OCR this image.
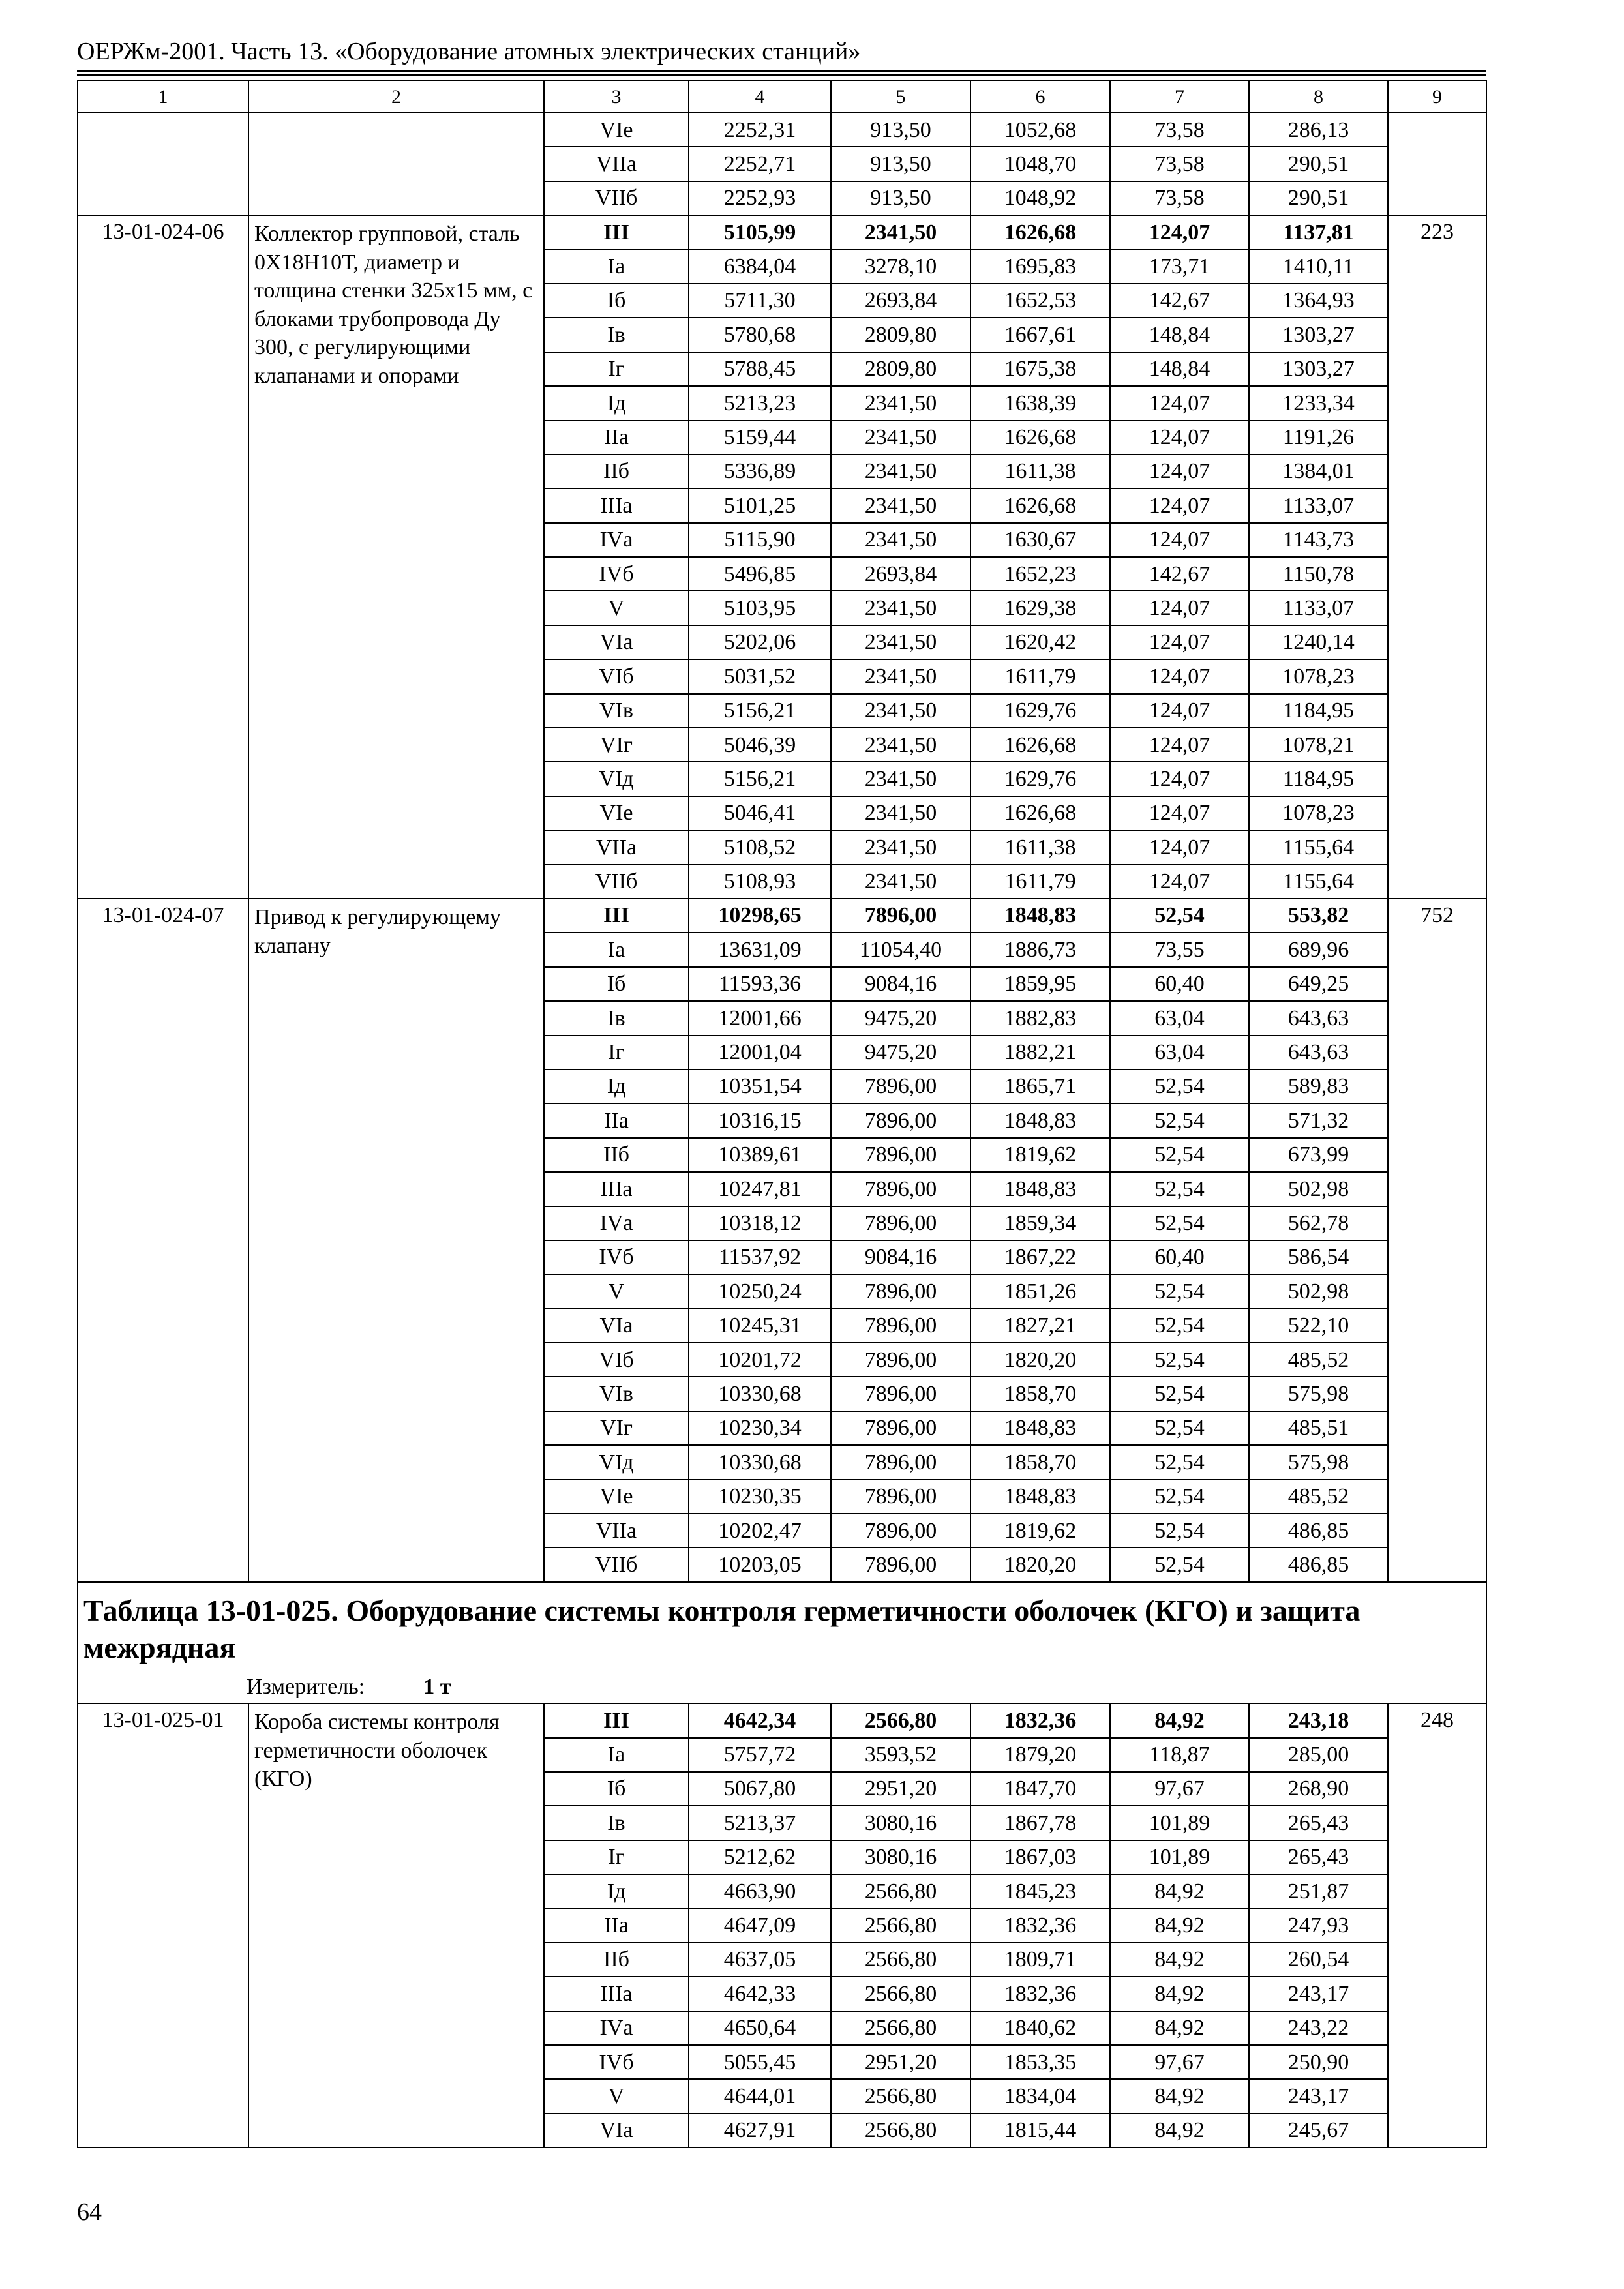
ОЕРЖм-2001. Часть 13. «Оборудование атомных электрических станций»
1	2	3	4	5	6	7	8	9
		VIе	2252,31	913,50	1052,68	73,58	286,13	
		VIIа	2252,71	913,50	1048,70	73,58	290,51	
		VIIб	2252,93	913,50	1048,92	73,58	290,51	
13-01-024-06	Коллектор групповой, сталь 0Х18Н10Т, диаметр и толщина стенки 325х15 мм, с блоками трубопровода Ду 300, с регулирующими клапанами и опорами	III	5105,99	2341,50	1626,68	124,07	1137,81	223
		Iа	6384,04	3278,10	1695,83	173,71	1410,11	
		Iб	5711,30	2693,84	1652,53	142,67	1364,93	
		Iв	5780,68	2809,80	1667,61	148,84	1303,27	
		Iг	5788,45	2809,80	1675,38	148,84	1303,27	
		Iд	5213,23	2341,50	1638,39	124,07	1233,34	
		IIа	5159,44	2341,50	1626,68	124,07	1191,26	
		IIб	5336,89	2341,50	1611,38	124,07	1384,01	
		IIIа	5101,25	2341,50	1626,68	124,07	1133,07	
		IVа	5115,90	2341,50	1630,67	124,07	1143,73	
		IVб	5496,85	2693,84	1652,23	142,67	1150,78	
		V	5103,95	2341,50	1629,38	124,07	1133,07	
		VIа	5202,06	2341,50	1620,42	124,07	1240,14	
		VIб	5031,52	2341,50	1611,79	124,07	1078,23	
		VIв	5156,21	2341,50	1629,76	124,07	1184,95	
		VIг	5046,39	2341,50	1626,68	124,07	1078,21	
		VIд	5156,21	2341,50	1629,76	124,07	1184,95	
		VIе	5046,41	2341,50	1626,68	124,07	1078,23	
		VIIа	5108,52	2341,50	1611,38	124,07	1155,64	
		VIIб	5108,93	2341,50	1611,79	124,07	1155,64	
13-01-024-07	Привод к регулирующему клапану	III	10298,65	7896,00	1848,83	52,54	553,82	752
		Iа	13631,09	11054,40	1886,73	73,55	689,96	
		Iб	11593,36	9084,16	1859,95	60,40	649,25	
		Iв	12001,66	9475,20	1882,83	63,04	643,63	
		Iг	12001,04	9475,20	1882,21	63,04	643,63	
		Iд	10351,54	7896,00	1865,71	52,54	589,83	
		IIа	10316,15	7896,00	1848,83	52,54	571,32	
		IIб	10389,61	7896,00	1819,62	52,54	673,99	
		IIIа	10247,81	7896,00	1848,83	52,54	502,98	
		IVа	10318,12	7896,00	1859,34	52,54	562,78	
		IVб	11537,92	9084,16	1867,22	60,40	586,54	
		V	10250,24	7896,00	1851,26	52,54	502,98	
		VIа	10245,31	7896,00	1827,21	52,54	522,10	
		VIб	10201,72	7896,00	1820,20	52,54	485,52	
		VIв	10330,68	7896,00	1858,70	52,54	575,98	
		VIг	10230,34	7896,00	1848,83	52,54	485,51	
		VIд	10330,68	7896,00	1858,70	52,54	575,98	
		VIе	10230,35	7896,00	1848,83	52,54	485,52	
		VIIа	10202,47	7896,00	1819,62	52,54	486,85	
		VIIб	10203,05	7896,00	1820,20	52,54	486,85	

Таблица 13-01-025. Оборудование системы контроля герметичности оболочек (КГО) и защита межрядная
Измеритель: 1 т								

13-01-025-01	Короба системы контроля герметичности оболочек (КГО)	III	4642,34	2566,80	1832,36	84,92	243,18	248
		Iа	5757,72	3593,52	1879,20	118,87	285,00	
		Iб	5067,80	2951,20	1847,70	97,67	268,90	
		Iв	5213,37	3080,16	1867,78	101,89	265,43	
		Iг	5212,62	3080,16	1867,03	101,89	265,43	
		Iд	4663,90	2566,80	1845,23	84,92	251,87	
		IIа	4647,09	2566,80	1832,36	84,92	247,93	
		IIб	4637,05	2566,80	1809,71	84,92	260,54	
		IIIа	4642,33	2566,80	1832,36	84,92	243,17	
		IVа	4650,64	2566,80	1840,62	84,92	243,22	
		IVб	5055,45	2951,20	1853,35	97,67	250,90	
		V	4644,01	2566,80	1834,04	84,92	243,17	
		VIа	4627,91	2566,80	1815,44	84,92	245,67	
64
